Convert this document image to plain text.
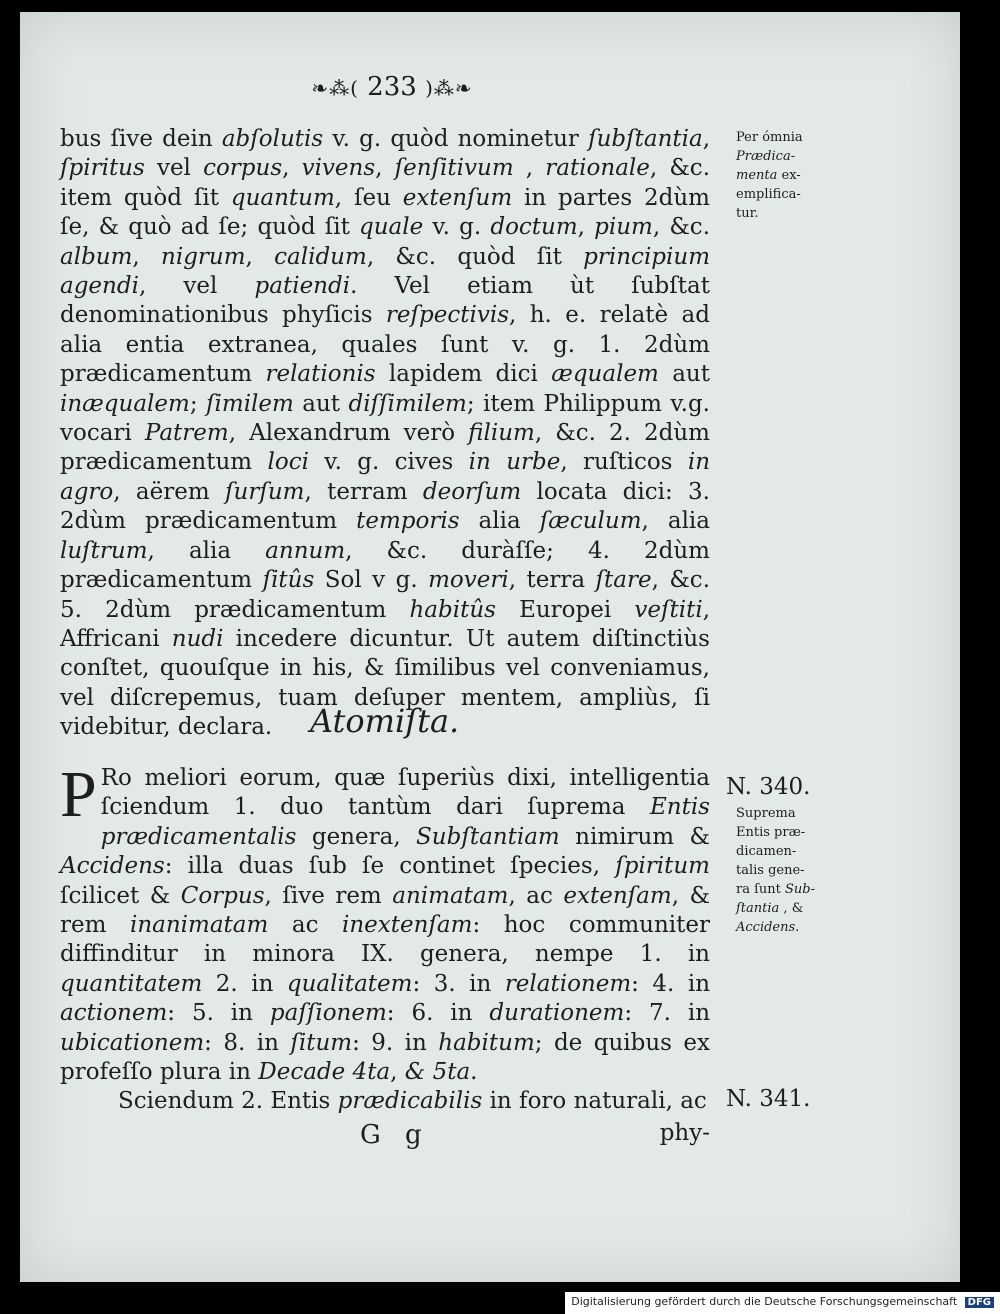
❧⁂( 233 )⁂❧
bus ſive dein abſolutis v. g. quòd nominetur ſubſtantia, ſpiritus vel corpus, vivens, ſenſitivum , rationale, &c. item quòd ſit quantum, ſeu extenſum in partes 2dùm ſe, & quò ad ſe; quòd ſit quale v. g. doctum, pium, &c. album, nigrum, calidum, &c. quòd ſit principium agendi, vel patiendi. Vel etiam ùt ſubſtat denominationibus phyſicis reſpectivis, h. e. relatè ad alia entia extranea, quales ſunt v. g. 1. 2dùm prædicamentum relationis lapidem dici æqualem aut inæqualem; ſimilem aut diſſimilem; item Philippum v.g. vocari Patrem, Alexandrum verò filium, &c. 2. 2dùm prædicamentum loci v. g. cives in urbe, ruſticos in agro, aërem ſurſum, terram deorſum locata dici: 3. 2dùm prædicamentum temporis alia ſæculum, alia luſtrum, alia annum, &c. duràſſe; 4. 2dùm prædicamentum ſitûs Sol v g. moveri, terra ſtare, &c. 5. 2dùm prædicamentum habitûs Europei veſtiti, Affricani nudi incedere dicuntur. Ut autem diſtinctiùs conſtet, quouſque in his, & ſimilibus vel conveniamus, vel diſcrepemus, tuam deſuper mentem, ampliùs, ſi videbitur, declara.	Atomiſta.
P Ro meliori eorum, quæ ſuperiùs dixi, intelligentia ſciendum 1. duo tantùm dari ſuprema Entis prædicamentalis genera, Subſtantiam nimirum & Accidens: illa duas ſub ſe continet ſpecies, ſpiritum ſcilicet & Corpus, ſive rem animatam, ac extenſam, & rem inanimatam ac inextenſam: hoc communiter diffinditur in minora IX. genera, nempe 1. in quantitatem 2. in qualitatem: 3. in relationem: 4. in actionem: 5. in paſſionem: 6. in durationem: 7. in ubicationem: 8. in ſitum: 9. in habitum; de quibus ex profeſſo plura in Decade 4ta, & 5ta.
Sciendum 2. Entis prædicabilis in foro naturali, ac
G g	phy-
Per ómnia
Prædica-
menta ex-
emplifica-
tur.
N. 340.
Suprema
Entis præ-
dicamen-
talis gene-
ra ſunt Sub-
ſtantia , &
Accidens.
N. 341.
Digitalisierung gefördert durch die Deutsche Forschungsgemeinschaft DFG
